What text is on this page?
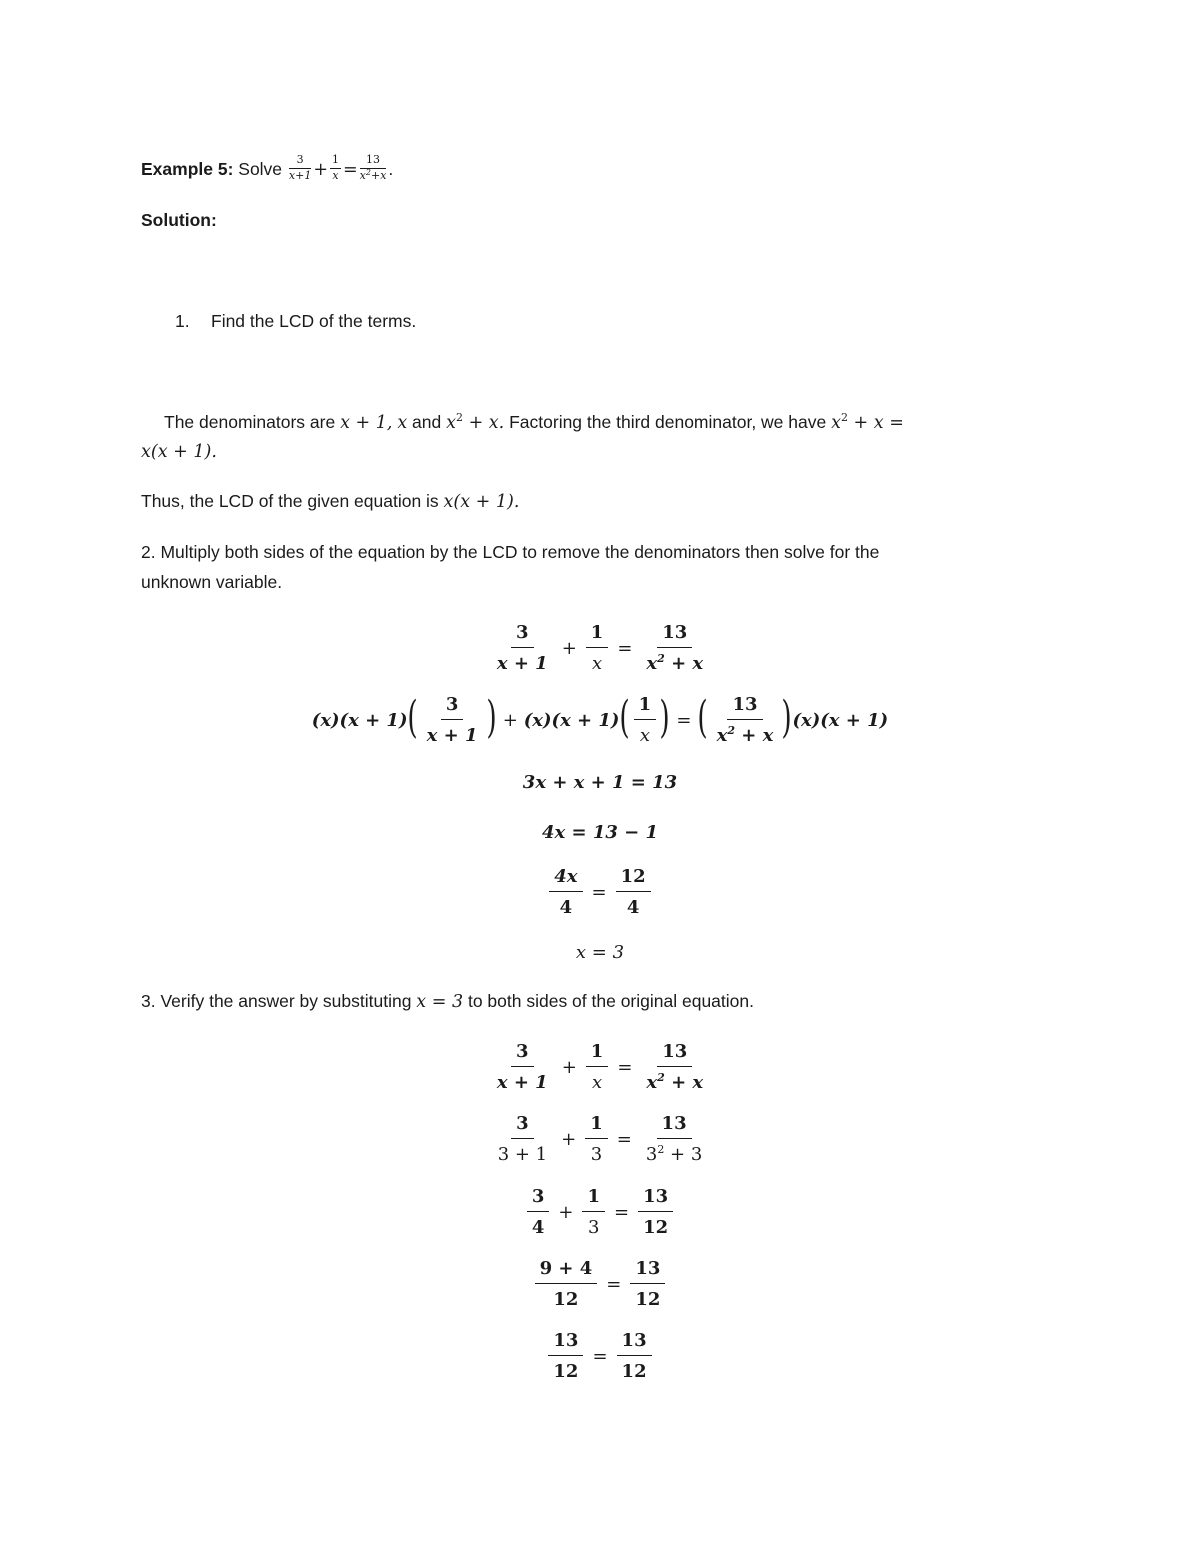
Example 5: Solve $\frac{3}{x+1} + \frac{1}{x} = \frac{13}{x^2+x}$ .
Solution:
1. Find the LCD of the terms.
The denominators are x + 1, x and $x^2 + x$. Factoring the third denominator, we have $x^2 + x$ =
x(x + 1).
Thus, the LCD of the given equation is x(x + 1).
2. Multiply both sides of the equation by the LCD to remove the denominators then solve for the
unknown variable.
$\frac{3}{x + 1} + \frac{1}{x} = \frac{13}{x^2 + x}$
(x)(x + 1) ( $\frac{3}{x + 1}$ ) + (x)(x + 1) ( $\frac{1}{x}$ ) = ( $\frac{13}{x^2 + x}$ ) (x)(x + 1)
3x + x + 1 = 13
4x = 13 − 1
$\frac{4x}{4} = \frac{12}{4}$
x = 3
3. Verify the answer by substituting x = 3 to both sides of the original equation.
$\frac{3}{x + 1} + \frac{1}{x} = \frac{13}{x^2 + x}$
$\frac{3}{3 + 1} + \frac{1}{3} = \frac{13}{3^2 + 3}$
$\frac{3}{4} + \frac{1}{3} = \frac{13}{12}$
$\frac{9 + 4}{12} = \frac{13}{12}$
$\frac{13}{12} = \frac{13}{12}$
